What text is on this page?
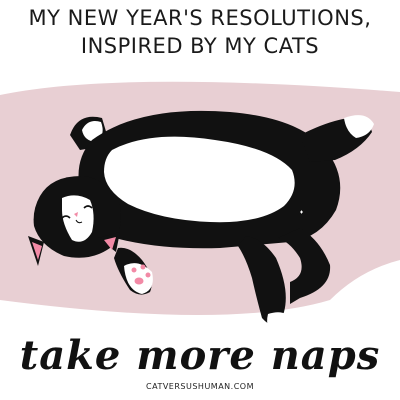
MY NEW YEAR'S RESOLUTIONS,
INSPIRED BY MY CATS
take more naps
CATVERSUSHUMAN.COM
